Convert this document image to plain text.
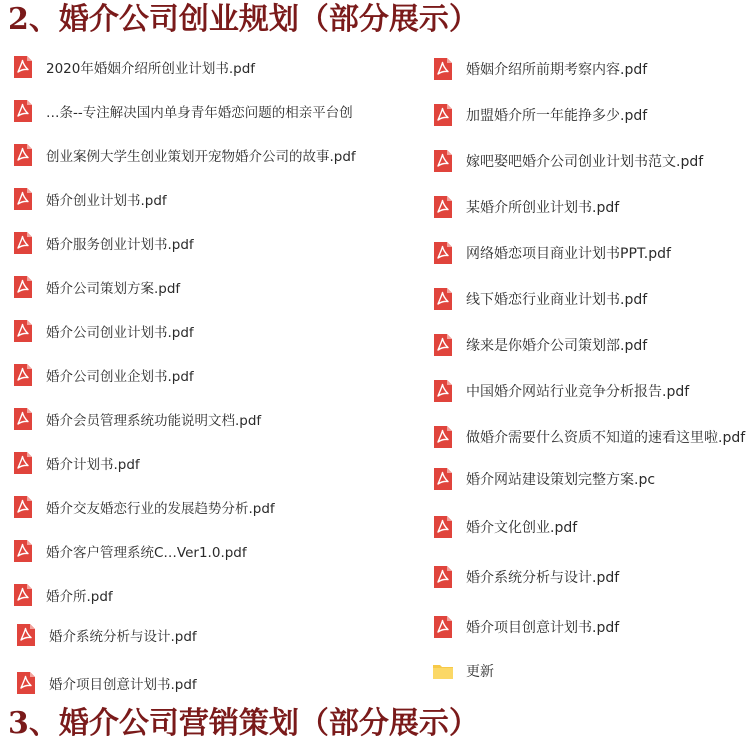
2、婚介公司创业规划（部分展示）
2020年婚姻介绍所创业计划书.pdf
…条--专注解决国内单身青年婚恋问题的相亲平台创
创业案例大学生创业策划开宠物婚介公司的故事.pdf
婚介创业计划书.pdf
婚介服务创业计划书.pdf
婚介公司策划方案.pdf
婚介公司创业计划书.pdf
婚介公司创业企划书.pdf
婚介会员管理系统功能说明文档.pdf
婚介计划书.pdf
婚介交友婚恋行业的发展趋势分析.pdf
婚介客户管理系统C…Ver1.0.pdf
婚介所.pdf
婚介系统分析与设计.pdf
婚介项目创意计划书.pdf
婚姻介绍所前期考察内容.pdf
加盟婚介所一年能挣多少.pdf
嫁吧娶吧婚介公司创业计划书范文.pdf
某婚介所创业计划书.pdf
网络婚恋项目商业计划书PPT.pdf
线下婚恋行业商业计划书.pdf
缘来是你婚介公司策划部.pdf
中国婚介网站行业竞争分析报告.pdf
做婚介需要什么资质不知道的速看这里啦.pdf
婚介网站建设策划完整方案.pc
婚介文化创业.pdf
婚介系统分析与设计.pdf
婚介项目创意计划书.pdf
更新
3、婚介公司营销策划（部分展示）
